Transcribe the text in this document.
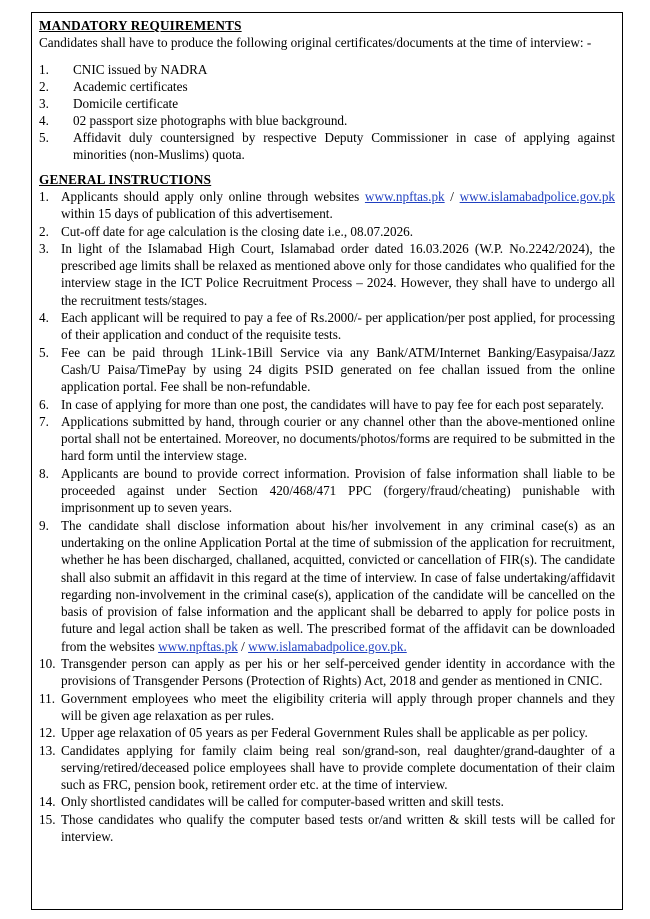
MANDATORY REQUIREMENTS

Candidates shall have to produce the following original certificates/documents at the time of interview: -

1.	CNIC issued by NADRA
2.	Academic certificates
3.	Domicile certificate
4.	02 passport size photographs with blue background.
5.	Affidavit duly countersigned by respective Deputy Commissioner in case of applying against minorities (non-Muslims) quota.
GENERAL INSTRUCTIONS
1. Applicants should apply only online through websites www.npftas.pk / www.islamabadpolice.gov.pk within 15 days of publication of this advertisement.
2. Cut-off date for age calculation is the closing date i.e., 08.07.2026.
3. In light of the Islamabad High Court, Islamabad order dated 16.03.2026 (W.P. No.2242/2024), the prescribed age limits shall be relaxed as mentioned above only for those candidates who qualified for the interview stage in the ICT Police Recruitment Process – 2024. However, they shall have to undergo all the recruitment tests/stages.
4. Each applicant will be required to pay a fee of Rs.2000/- per application/per post applied, for processing of their application and conduct of the requisite tests.
5. Fee can be paid through 1Link-1Bill Service via any Bank/ATM/Internet Banking/Easypaisa/Jazz Cash/U Paisa/TimePay by using 24 digits PSID generated on fee challan issued from the online application portal. Fee shall be non-refundable.
6. In case of applying for more than one post, the candidates will have to pay fee for each post separately.
7. Applications submitted by hand, through courier or any channel other than the above-mentioned online portal shall not be entertained. Moreover, no documents/photos/forms are required to be submitted in the hard form until the interview stage.
8. Applicants are bound to provide correct information. Provision of false information shall liable to be proceeded against under Section 420/468/471 PPC (forgery/fraud/cheating) punishable with imprisonment up to seven years.
9. The candidate shall disclose information about his/her involvement in any criminal case(s) as an undertaking on the online Application Portal at the time of submission of the application for recruitment, whether he has been discharged, challaned, acquitted, convicted or cancellation of FIR(s). The candidate shall also submit an affidavit in this regard at the time of interview. In case of false undertaking/affidavit regarding non-involvement in the criminal case(s), application of the candidate will be cancelled on the basis of provision of false information and the applicant shall be debarred to apply for police posts in future and legal action shall be taken as well. The prescribed format of the affidavit can be downloaded from the websites www.npftas.pk / www.islamabadpolice.gov.pk.
10. Transgender person can apply as per his or her self-perceived gender identity in accordance with the provisions of Transgender Persons (Protection of Rights) Act, 2018 and gender as mentioned in CNIC.
11. Government employees who meet the eligibility criteria will apply through proper channels and they will be given age relaxation as per rules.
12. Upper age relaxation of 05 years as per Federal Government Rules shall be applicable as per policy.
13. Candidates applying for family claim being real son/grand-son, real daughter/grand-daughter of a serving/retired/deceased police employees shall have to provide complete documentation of their claim such as FRC, pension book, retirement order etc. at the time of interview.
14. Only shortlisted candidates will be called for computer-based written and skill tests.
15. Those candidates who qualify the computer based tests or/and written & skill tests will be called for interview.
